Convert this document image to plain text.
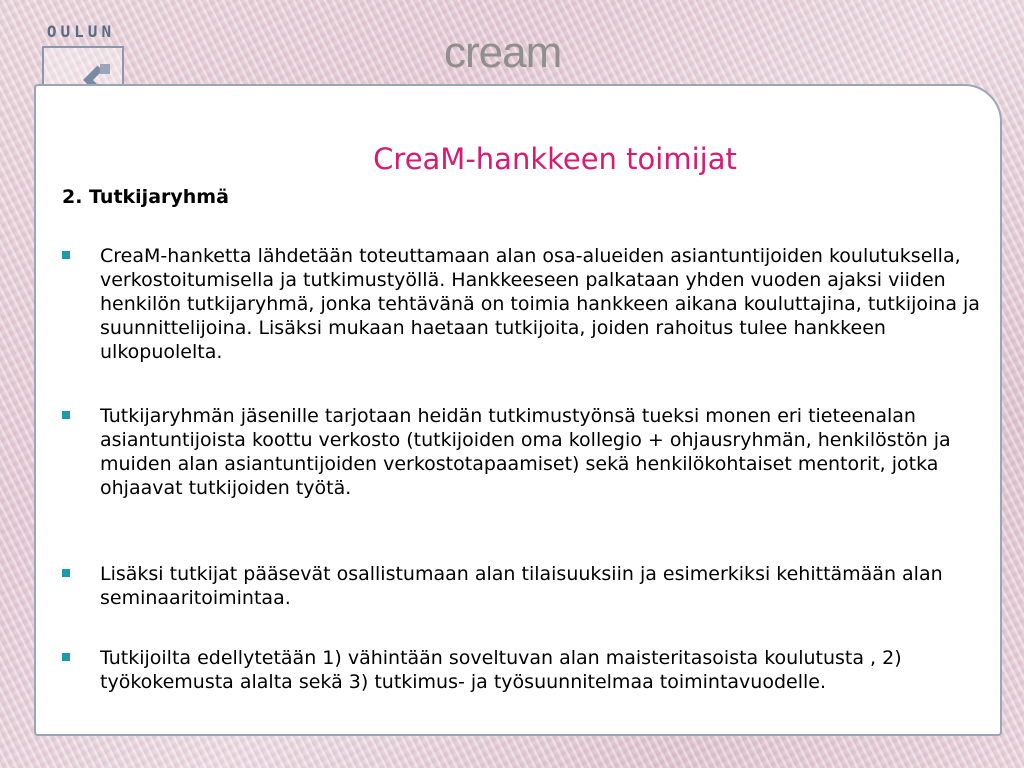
OULUN	cream
CreaM-hankkeen toimijat
2. Tutkijaryhmä
CreaM-hanketta lähdetään toteuttamaan alan osa-alueiden asiantuntijoiden koulutuksella, verkostoitumisella ja tutkimustyöllä. Hankkeeseen palkataan yhden vuoden ajaksi viiden henkilön tutkijaryhmä, jonka tehtävänä on toimia hankkeen aikana kouluttajina, tutkijoina ja suunnittelijoina. Lisäksi mukaan haetaan tutkijoita, joiden rahoitus tulee hankkeen ulkopuolelta.
Tutkijaryhmän jäsenille tarjotaan heidän tutkimustyönsä tueksi monen eri tieteenalan asiantuntijoista koottu verkosto (tutkijoiden oma kollegio + ohjausryhmän, henkilöstön ja muiden alan asiantuntijoiden verkostotapaamiset) sekä henkilökohtaiset mentorit, jotka ohjaavat tutkijoiden työtä.
Lisäksi tutkijat pääsevät osallistumaan alan tilaisuuksiin ja esimerkiksi kehittämään alan seminaaritoimintaa.
Tutkijoilta edellytetään 1) vähintään soveltuvan alan maisteritasoista koulutusta , 2) työkokemusta alalta sekä 3) tutkimus- ja työsuunnitelmaa toimintavuodelle.
